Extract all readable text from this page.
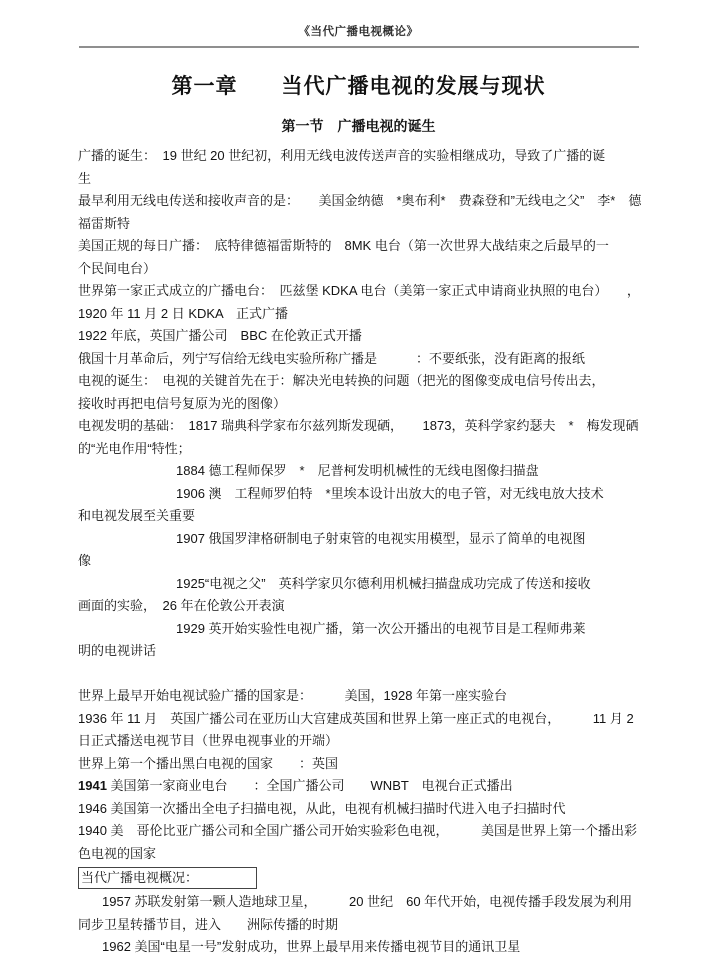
《当代广播电视概论》
第一章　　当代广播电视的发展与现状
第一节　广播电视的诞生
广播的诞生：　19 世纪 20 世纪初，利用无线电波传送声音的实验相继成功，导致了广播的诞
生
最早利用无线电传送和接收声音的是：　　美国金纳德　*奥布利*　费森登和”无线电之父”　李*　德
福雷斯特
美国正规的每日广播：　底特律德福雷斯特的　8MK 电台（第一次世界大战结束之后最早的一
个民间电台）
世界第一家正式成立的广播电台：　匹兹堡 KDKA 电台（美第一家正式申请商业执照的电台）　　，
1920 年 11 月 2 日 KDKA　正式广播
1922 年底，英国广播公司　BBC 在伦敦正式开播
俄国十月革命后，列宁写信给无线电实验所称广播是　　　：不要纸张，没有距离的报纸
电视的诞生：　电视的关键首先在于：解决光电转换的问题（把光的图像变成电信号传出去，
接收时再把电信号复原为光的图像）
电视发明的基础：　1817 瑞典科学家布尔兹列斯发现硒，　　1873，英科学家约瑟夫　*　梅发现硒
的“光电作用“特性；
1884 德工程师保罗　*　尼普柯发明机械性的无线电图像扫描盘
1906 澳　工程师罗伯特　*里埃本设计出放大的电子管，对无线电放大技术
和电视发展至关重要
1907 俄国罗津格研制电子射束管的电视实用模型，显示了简单的电视图
像
1925“电视之父”　英科学家贝尔德利用机械扫描盘成功完成了传送和接收
画面的实验，　26 年在伦敦公开表演
1929 英开始实验性电视广播，第一次公开播出的电视节目是工程师弗莱
明的电视讲话

世界上最早开始电视试验广播的国家是：　　　美国，1928 年第一座实验台
1936 年 11 月　英国广播公司在亚历山大宫建成英国和世界上第一座正式的电视台，　　　11 月 2
日正式播送电视节目（世界电视事业的开端）
世界上第一个播出黑白电视的国家　　：英国
1941 美国第一家商业电台　　：全国广播公司　　WNBT　电视台正式播出
1946 美国第一次播出全电子扫描电视，从此，电视有机械扫描时代进入电子扫描时代
1940 美　哥伦比亚广播公司和全国广播公司开始实验彩色电视，　　　美国是世界上第一个播出彩
色电视的国家
当代广播电视概况：
1957 苏联发射第一颗人造地球卫星，　　　20 世纪　60 年代开始，电视传播手段发展为利用
同步卫星转播节目，进入　　洲际传播的时期
1962 美国“电星一号”发射成功，世界上最早用来传播电视节目的通讯卫星
